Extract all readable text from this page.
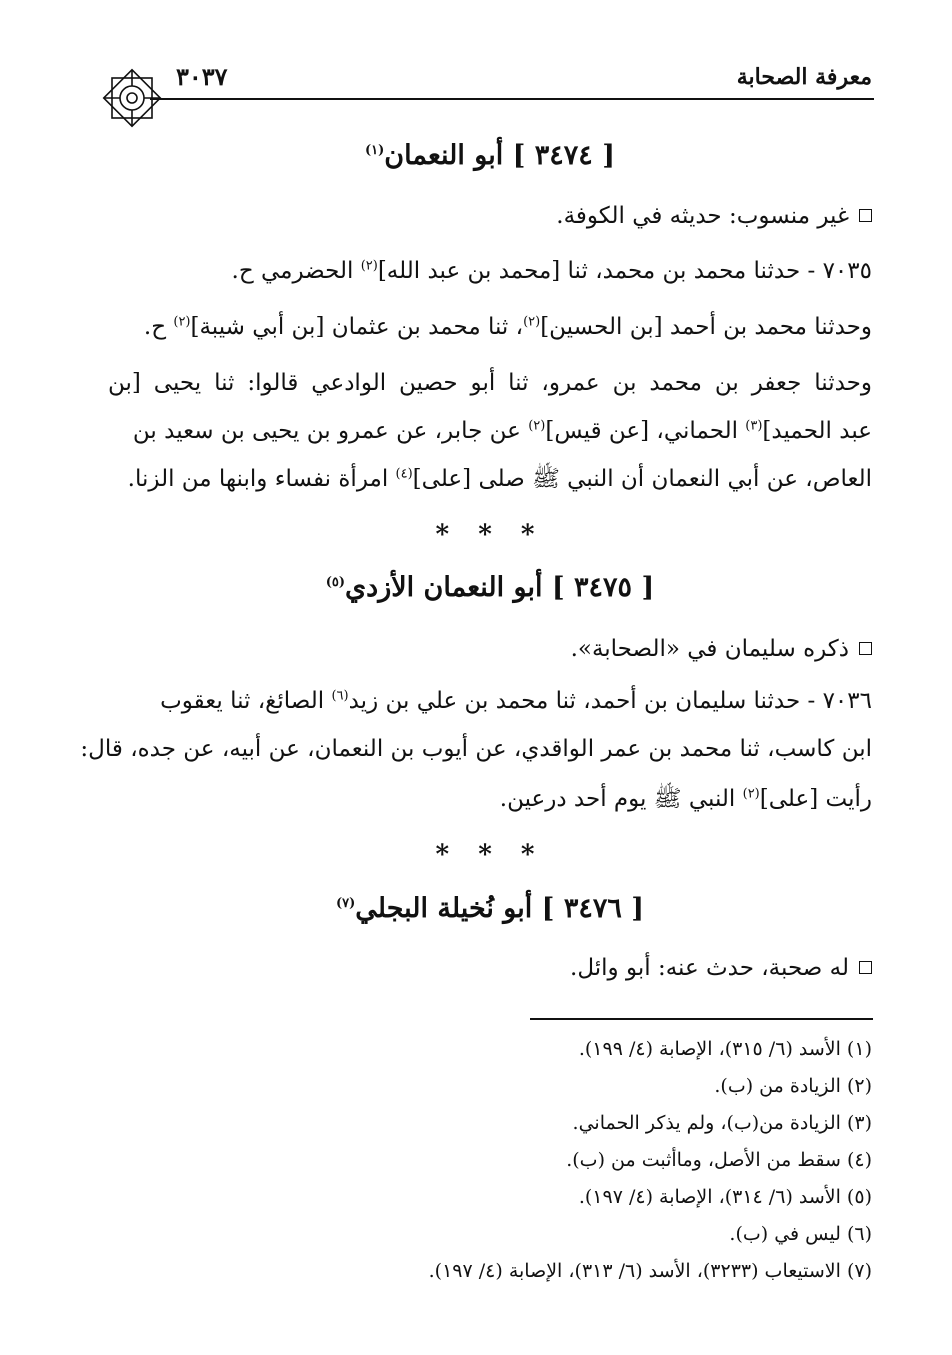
معرفة الصحابة
٣٠٣٧
[ ٣٤٧٤ ] أبو النعمان$^{(١)}$
غير منسوب: حديثه في الكوفة.
٧٠٣٥ - حدثنا محمد بن محمد، ثنا [محمد بن عبد الله]$^{(٢)}$ الحضرمي ح.
وحدثنا محمد بن أحمد [بن الحسين]$^{(٢)}$، ثنا محمد بن عثمان [بن أبي شيبة]$^{(٢)}$ ح.
وحدثنا جعفر بن محمد بن عمرو، ثنا أبو حصين الوادعي قالوا: ثنا يحيى [بن
عبد الحميد]$^{(٣)}$ الحماني، [عن قيس]$^{(٢)}$ عن جابر، عن عمرو بن يحيى بن سعيد بن
العاص، عن أبي النعمان أن النبي ﷺ صلى [على]$^{(٤)}$ امرأة نفساء وابنها من الزنا.
* * *
[ ٣٤٧٥ ] أبو النعمان الأزدي$^{(٥)}$
ذكره سليمان في «الصحابة».
٧٠٣٦ - حدثنا سليمان بن أحمد، ثنا محمد بن علي بن زيد$^{(٦)}$ الصائغ، ثنا يعقوب
ابن كاسب، ثنا محمد بن عمر الواقدي، عن أيوب بن النعمان، عن أبيه، عن جده، قال:
رأيت [على]$^{(٢)}$ النبي ﷺ يوم أحد درعين.
* * *
[ ٣٤٧٦ ] أبو نُخيلة البجلي$^{(٧)}$
له صحبة، حدث عنه: أبو وائل.
(١) الأسد (٦/ ٣١٥)، الإصابة (٤/ ١٩٩).
(٢) الزيادة من (ب).
(٣) الزيادة من(ب)، ولم يذكر الحماني.
(٤) سقط من الأصل، وماأثبت من (ب).
(٥) الأسد (٦/ ٣١٤)، الإصابة (٤/ ١٩٧).
(٦) ليس في (ب).
(٧) الاستيعاب (٣٢٣٣)، الأسد (٦/ ٣١٣)، الإصابة (٤/ ١٩٧).
